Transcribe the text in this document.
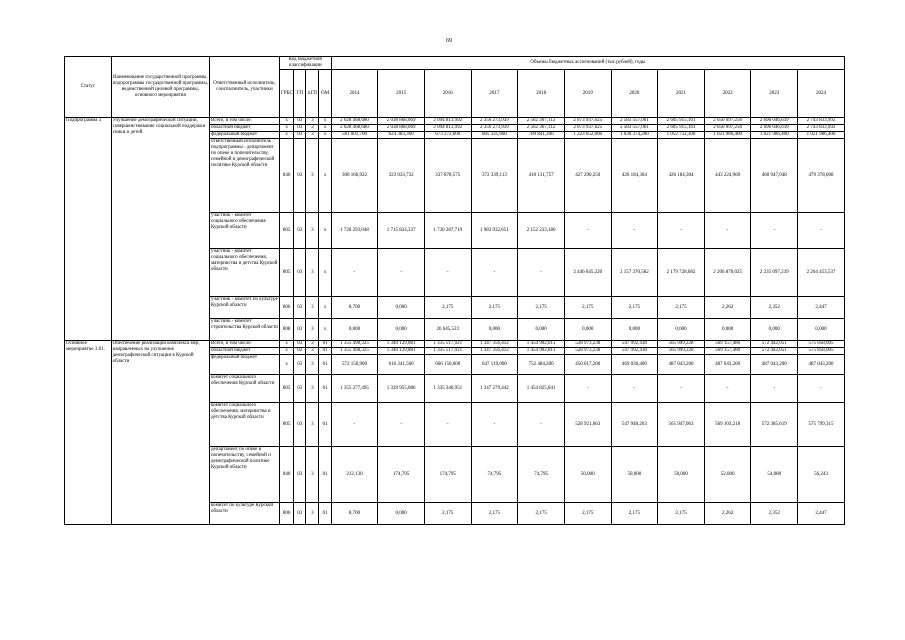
69
Статус	Наименование государственной программы, подпрограммы государственной программы, ведомственной целевой программы, основного мероприятия	Ответственный исполнитель, соисполнитель, участники	Код бюджетной классификации				Объемы бюджетных ассигнований (тыс.рублей), годы										
			ГРБС	ГП	пГП	ОМ	2014	2015	2016	2017	2018	2019	2020	2021	2022	2023	2024
Подпрограмма 3	Улучшение демографической ситуации, совершенствование социальной поддержки семьи и детей	Всего, в том числе:	x	03	3	x	2 028 468,680	2 038 868,069	2 094 813,992	2 356 273,939	2 562 367,112	2 873 937,625	2 583 557,061	2 605 915,161	2 650 097,256	2 696 046,639	2 743 833,992
		областной бюджет	x	03	3	x	2 028 468,680	2 038 868,069	2 094 813,992	2 356 273,939	2 562 367,112	2 873 937,625	2 583 557,061	2 605 915,161	2 650 097,256	2 696 046,639	2 743 833,992
		федеральный бюджет	x	03	3	x	581 001,700	624 383,300	673 272,600	685 331,600	789 841,200	1 223 652,000	1 030 374,200	1 052 732,300	1 021 986,400	1 021 986,400	1 021 986,400
		ответственный исполнитель подпрограммы - департамент по опеке и попечительству, семейной и демографической политике Курской области	840	03	3	x	300 166,922	323 033,732	337 878,575	372 339,113	410 131,757	427 290,250	426 184,304	426 184,304	443 224,969	460 947,048	479 378,008
		участник - комитет социального обеспечения Курской области	805	03	3	x	1 728 293,048	1 715 834,337	1 730 287,719	1 983 932,651	2 152 233,180	-	-	-	-	-	-
		участник - комитет социального обеспечения, материнства и детства Курской области	805	03	3	x	-	-	-	-	-	2 446 645,220	2 157 370,582	2 179 728,682	2 206 870,025	2 235 097,239	2 264 453,537
		участник - комитет по культуре Курской области	806	03	3	x	8,700	0,000	2,175	2,175	2,175	2,175	2,175	2,175	2,262	2,352	2,447
		участник - комитет строительства Курской области	808	03	3	x	0,000	0,000	26 645,523	0,000	0,000	0,000	0,000	0,000	0,000	0,000	0,000
Основное мероприятие 3.01.	Обеспечение реализации комплекса мер, направленных на улучшение демографической ситуации в Курской области	Всего, в том числе:	x	03	3	01	1 355 498,325	1 340 129,881	1 335 517,921	1 347 356,412	1 454 902,811	528 973,238	547 992,438	565 999,228	569 157,480	572 442,051	575 858,005
		областной бюджет	x	02	3	01	1 355 498,325	1 340 129,881	1 335 517,921	1 347 356,412	1 454 902,811	528 973,238	547 992,438	565 999,228	569 157,480	572 442,051	575 858,005
		федеральный бюджет	x	03	3	01	572 156,900	616 341,500	666 150,600	647 119,000	752 484,200	450 017,200	469 036,400	487 043,200	487 043,200	487 043,200	487 043,200
		комитет социального обеспечения Курской области	805	03	3	01	1 355 277,495	1 339 955,086	1 335 340,951	1 347 279,442	1 454 825,841	-	-	-	-	-	-
		комитет социального обеспечения, материнства и детства Курской области	805	03	3	01	-	-	-	-	-	528 921,063	547 940,263	565 947,063	569 103,218	572 385,619	575 799,315
		департамент по опеке и попечительству, семейной и демографической политике Курской области	840	03	3	01	212,130	174,795	174,795	74,795	74,795	50,000	50,000	50,000	52,000	54,080	56,243
		комитет по культуре Курской области	806	03	3	01	8,700	0,000	2,175	2,175	2,175	2,175	2,175	2,175	2,262	2,352	2,447
